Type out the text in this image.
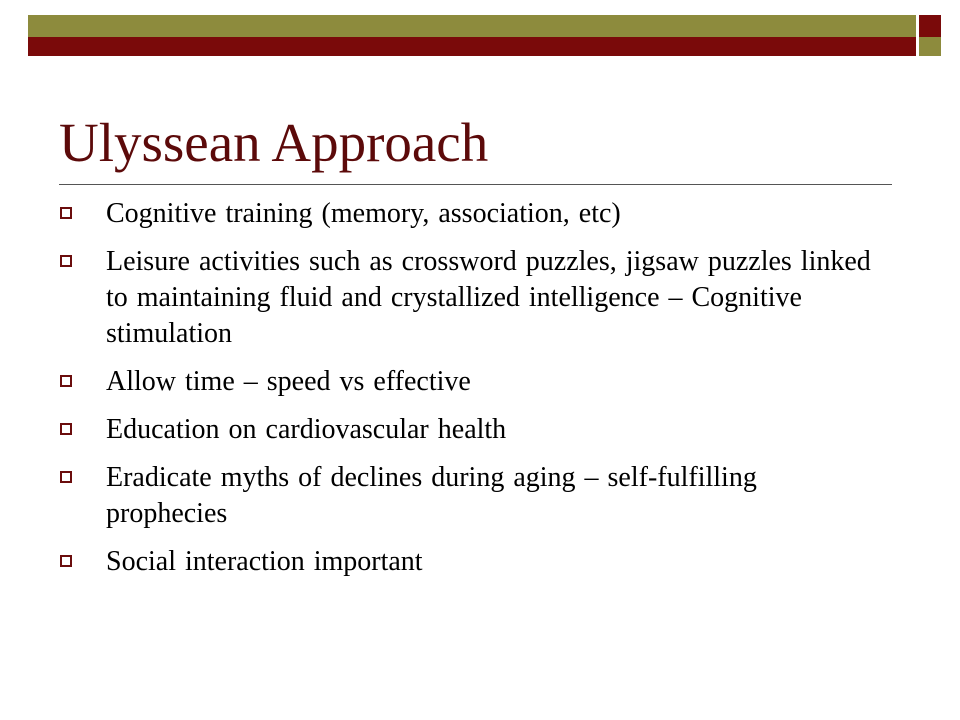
Ulyssean Approach
Cognitive training (memory, association, etc)
Leisure activities such as crossword puzzles, jigsaw puzzles linked to maintaining fluid and crystallized intelligence – Cognitive stimulation
Allow time – speed vs effective
Education on cardiovascular health
Eradicate myths of declines during aging – self-fulfilling prophecies
Social interaction important
